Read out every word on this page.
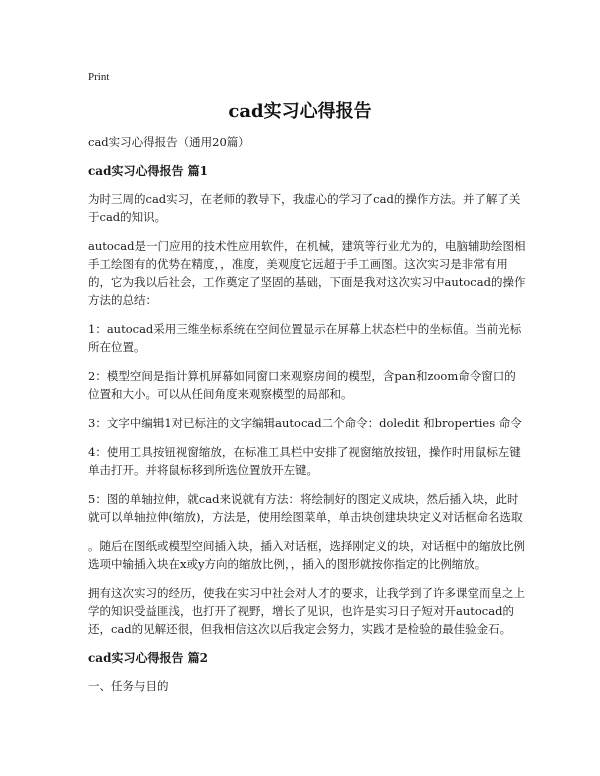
Print
cad实习心得报告
cad实习心得报告（通用20篇）
cad实习心得报告 篇1

为时三周的cad实习，在老师的教导下，我虚心的学习了cad的操作方法。并了解了关于cad的知识。

autocad是一门应用的技术性应用软件，在机械，建筑等行业尤为的，电脑辅助绘图相手工绘图有的优势在精度，，准度，美观度它远超于手工画图。这次实习是非常有用的，它为我以后社会，工作奠定了坚固的基础，下面是我对这次实习中autocad的操作方法的总结：

1：autocad采用三维坐标系统在空间位置显示在屏幕上状态栏中的坐标值。当前光标所在位置。

2：模型空间是指计算机屏幕如同窗口来观察房间的模型，含pan和zoom命令窗口的位置和大小。可以从任间角度来观察模型的局部和。

3：文字中编辑1对已标注的文字编辑autocad二个命令：doledit 和broperties 命令

4：使用工具按钮视窗缩放，在标准工具栏中安排了视窗缩放按钮，操作时用鼠标左键单击打开。并将鼠标移到所选位置放开左键。

5：图的单轴拉伸，就cad来说就有方法：将绘制好的图定义成块，然后插入块，此时就可以单轴拉伸(缩放)，方法是，使用绘图菜单，单击块创建块块定义对话框命名选取

。随后在图纸或模型空间插入块，插入对话框，选择刚定义的块，对话框中的缩放比例选项中输插入块在x或y方向的缩放比例，，插入的图形就按你指定的比例缩放。

拥有这次实习的经历，使我在实习中社会对人才的要求，让我学到了许多课堂而皇之上学的知识受益匪浅，也打开了视野，增长了见识，也许是实习日子短对开autocad的还，cad的见解还很，但我相信这次以后我定会努力，实践才是检验的最佳验金石。

cad实习心得报告 篇2

一、任务与目的
